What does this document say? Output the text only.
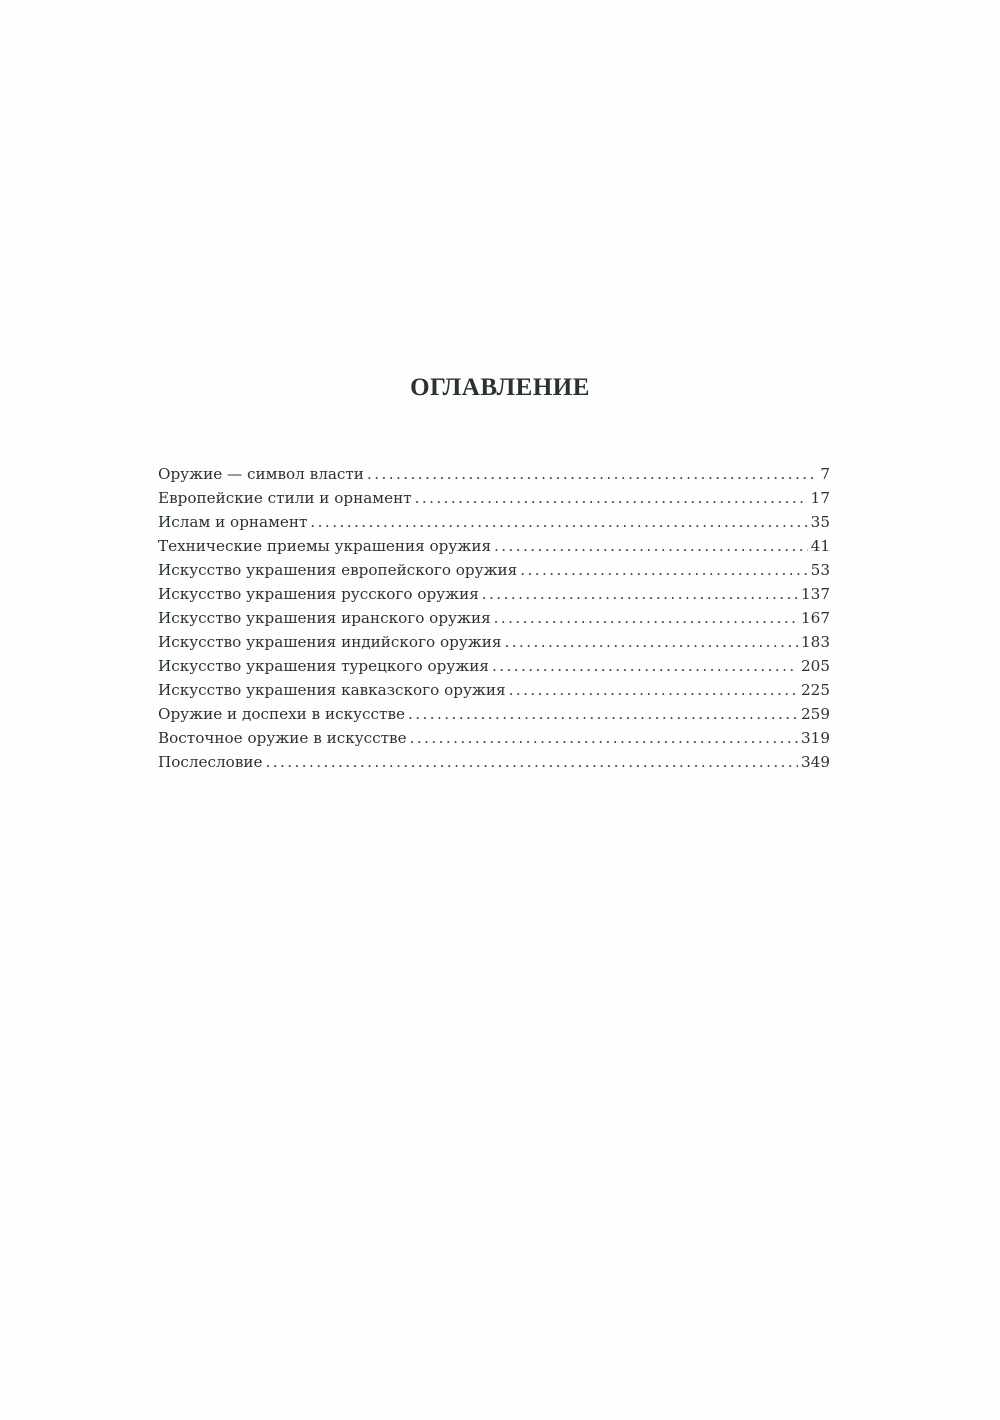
ОГЛАВЛЕНИЕ
Оружие — символ власти . . .	7
Европейские стили и орнамент . . .	17
Ислам и орнамент . . .	35
Технические приемы украшения оружия . . .	41
Искусство украшения европейского оружия . . .	53
Искусство украшения русского оружия . . .	137
Искусство украшения иранского оружия . . .	167
Искусство украшения индийского оружия . . .	183
Искусство украшения турецкого оружия . . .	205
Искусство украшения кавказского оружия . . .	225
Оружие и доспехи в искусстве . . .	259
Восточное оружие в искусстве . . .	319
Послесловие . . .	349
